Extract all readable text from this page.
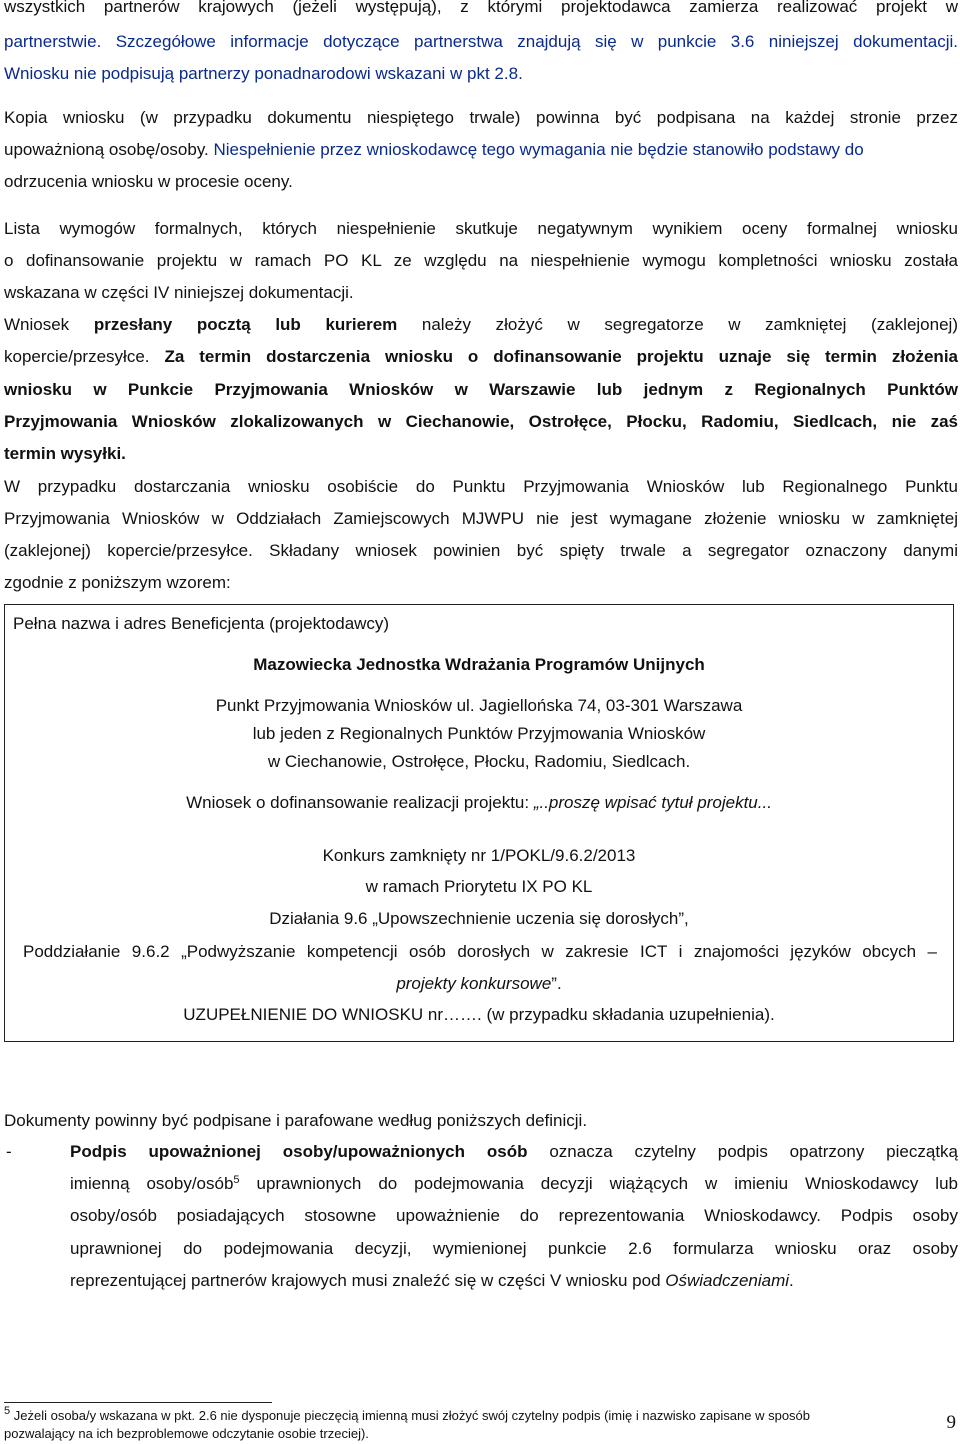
wszystkich partnerów krajowych (jeżeli występują), z którymi projektodawca zamierza realizować projekt w
partnerstwie. Szczegółowe informacje dotyczące partnerstwa znajdują się w punkcie 3.6 niniejszej dokumentacji.
Wniosku nie podpisują partnerzy ponadnarodowi wskazani w pkt 2.8.
Kopia wniosku (w przypadku dokumentu niespiętego trwale) powinna być podpisana na każdej stronie przez
upoważnioną osobę/osoby. Niespełnienie przez wnioskodawcę tego wymagania nie będzie stanowiło podstawy do
odrzucenia wniosku w procesie oceny.
Lista wymogów formalnych, których niespełnienie skutkuje negatywnym wynikiem oceny formalnej wniosku
o dofinansowanie projektu w ramach PO KL ze względu na niespełnienie wymogu kompletności wniosku została
wskazana w części IV niniejszej dokumentacji.
Wniosek przesłany pocztą lub kurierem należy złożyć w segregatorze w zamkniętej (zaklejonej)
kopercie/przesyłce. Za termin dostarczenia wniosku o dofinansowanie projektu uznaje się termin złożenia
wniosku w Punkcie Przyjmowania Wniosków w Warszawie lub jednym z Regionalnych Punktów
Przyjmowania Wniosków zlokalizowanych w Ciechanowie, Ostrołęce, Płocku, Radomiu, Siedlcach, nie zaś
termin wysyłki.
W przypadku dostarczania wniosku osobiście do Punktu Przyjmowania Wniosków lub Regionalnego Punktu
Przyjmowania Wniosków w Oddziałach Zamiejscowych MJWPU nie jest wymagane złożenie wniosku w zamkniętej
(zaklejonej) kopercie/przesyłce. Składany wniosek powinien być spięty trwale a segregator oznaczony danymi
zgodnie z poniższym wzorem:
Pełna nazwa i adres Beneficjenta (projektodawcy)
Mazowiecka Jednostka Wdrażania Programów Unijnych
Punkt Przyjmowania Wniosków ul. Jagiellońska 74, 03-301 Warszawa
lub jeden z Regionalnych Punktów Przyjmowania Wniosków
w Ciechanowie, Ostrołęce, Płocku, Radomiu, Siedlcach.
Wniosek o dofinansowanie realizacji projektu: „..proszę wpisać tytuł projektu...
Konkurs zamknięty nr 1/POKL/9.6.2/2013
w ramach Priorytetu IX PO KL
Działania 9.6 „Upowszechnienie uczenia się dorosłych”,
Poddziałanie 9.6.2 „Podwyższanie kompetencji osób dorosłych w zakresie ICT i znajomości języków obcych –
projekty konkursowe”.
UZUPEŁNIENIE DO WNIOSKU nr……. (w przypadku składania uzupełnienia).
Dokumenty powinny być podpisane i parafowane według poniższych definicji.
-	Podpis upoważnionej osoby/upoważnionych osób oznacza czytelny podpis opatrzony pieczątką
imienną osoby/osób$^5$ uprawnionych do podejmowania decyzji wiążących w imieniu Wnioskodawcy lub
osoby/osób posiadających stosowne upoważnienie do reprezentowania Wnioskodawcy. Podpis osoby
uprawnionej do podejmowania decyzji, wymienionej punkcie 2.6 formularza wniosku oraz osoby
reprezentującej partnerów krajowych musi znaleźć się w części V wniosku pod Oświadczeniami.
$^5$ Jeżeli osoba/y wskazana w pkt. 2.6 nie dysponuje pieczęcią imienną musi złożyć swój czytelny podpis (imię i nazwisko zapisane w sposób
pozwalający na ich bezproblemowe odczytanie osobie trzeciej).
9
